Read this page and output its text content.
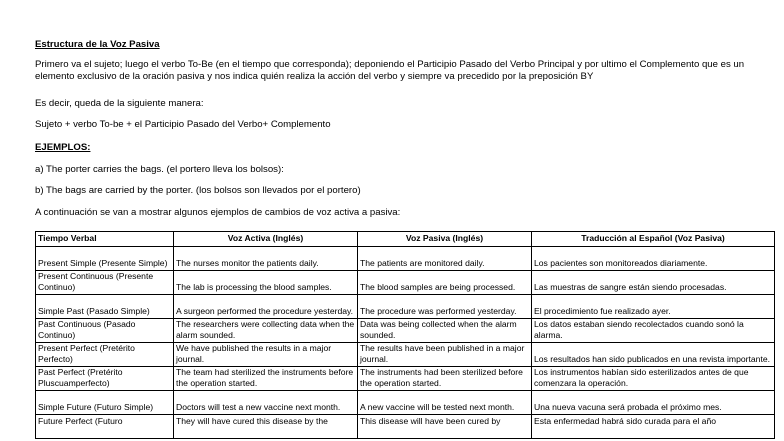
Estructura de la Voz Pasiva
Primero va el sujeto; luego el verbo To-Be (en el tiempo que corresponda); deponiendo el Participio Pasado del Verbo Principal y por ultimo el Complemento que es un elemento exclusivo de la oración pasiva y nos indica quién realiza la acción del verbo y siempre va precedido por la preposición BY
Es decir, queda de la siguiente manera:
Sujeto + verbo To-be + el Participio Pasado del Verbo+ Complemento
EJEMPLOS:
a) The porter carries the bags. (el portero lleva los bolsos):
b) The bags are carried by the porter. (los bolsos son llevados por el portero)
A continuación se van a mostrar algunos ejemplos de cambios de voz activa a pasiva:
Tiempo Verbal	Voz Activa (Inglés)	Voz Pasiva (Inglés)	Traducción al Español (Voz Pasiva)
Present Simple (Presente Simple)	The nurses monitor the patients daily.	The patients are monitored daily.	Los pacientes son monitoreados diariamente.
Present Continuous (Presente Continuo)	The lab is processing the blood samples.	The blood samples are being processed.	Las muestras de sangre están siendo procesadas.
Simple Past (Pasado Simple)	A surgeon performed the procedure yesterday.	The procedure was performed yesterday.	El procedimiento fue realizado ayer.
Past Continuous (Pasado Continuo)	The researchers were collecting data when the alarm sounded.	Data was being collected when the alarm sounded.	Los datos estaban siendo recolectados cuando sonó la alarma.
Present Perfect (Pretérito Perfecto)	We have published the results in a major journal.	The results have been published in a major journal.	Los resultados han sido publicados en una revista importante.
Past Perfect (Pretérito Pluscuamperfecto)	The team had sterilized the instruments before the operation started.	The instruments had been sterilized before the operation started.	Los instrumentos habían sido esterilizados antes de que comenzara la operación.
Simple Future (Futuro Simple)	Doctors will test a new vaccine next month.	A new vaccine will be tested next month.	Una nueva vacuna será probada el próximo mes.
Future Perfect (Futuro	They will have cured this disease by the	This disease will have been cured by	Esta enfermedad habrá sido curada para el año
